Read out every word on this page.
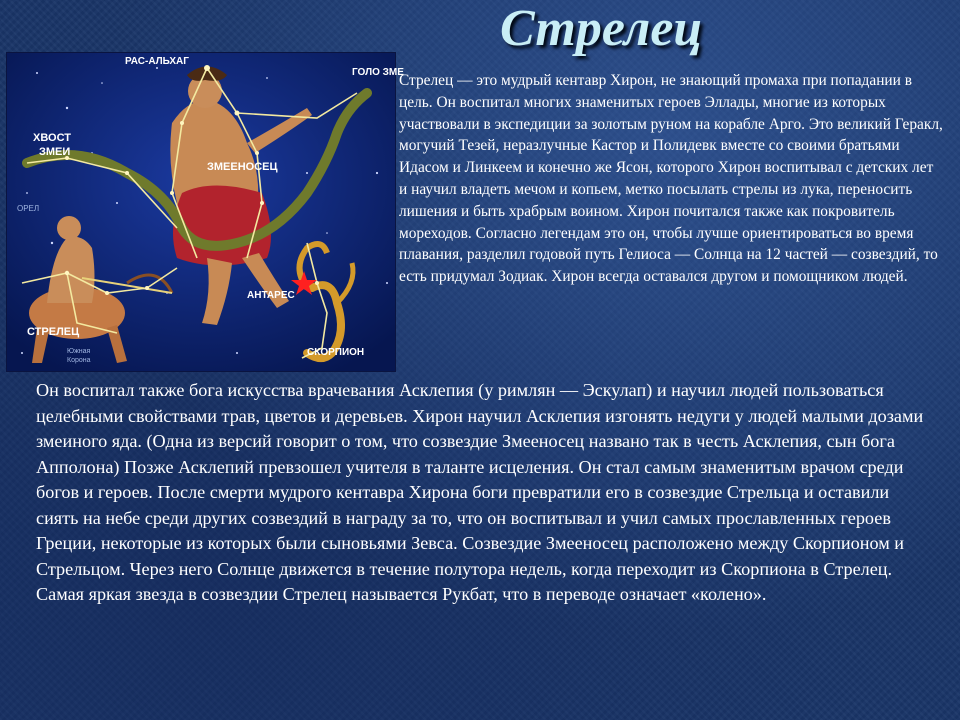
Стрелец
РАС-АЛЬХАГ
ГОЛО ЗМЕ
ХВОСТ
ЗМЕИ
ОРЕЛ
ЗМЕЕНОСЕЦ
АНТАРЕС
СТРЕЛЕЦ
СКОРПИОН
Южная
Корона

Стрелец — это мудрый кентавр Хирон, не знающий промаха при попадании в цель. Он воспитал многих знаменитых героев Эллады, многие из которых участвовали в экспедиции за золотым руном на корабле Арго. Это великий Геракл, могучий Тезей, неразлучные Кастор и Полидевк вместе со своими братьями Идасом и Линкеем и конечно же Ясон, которого Хирон воспитывал с детских лет и научил владеть мечом и копьем, метко посылать стрелы из лука, переносить лишения и быть храбрым воином. Хирон почитался также как покровитель мореходов. Согласно легендам это он, чтобы лучше ориентироваться во время плавания, разделил годовой путь Гелиоса — Солнца на 12 частей — созвездий, то есть придумал Зодиак. Хирон всегда оставался другом и помощником людей.

Он воспитал также бога искусства врачевания Асклепия (у римлян — Эскулап) и научил людей пользоваться целебными свойствами трав, цветов и деревьев. Хирон научил Асклепия изгонять недуги у людей малыми дозами змеиного яда. (Одна из версий говорит о том, что созвездие Змееносец названо так в честь Асклепия, сын бога Апполона) Позже Асклепий превзошел учителя в таланте исцеления. Он стал самым знаменитым врачом среди богов и героев. После смерти мудрого кентавра Хирона боги превратили его в созвездие Стрельца и оставили сиять на небе среди других созвездий в награду за то, что он воспитывал и учил самых прославленных героев Греции, некоторые из которых были сыновьями Зевса. Созвездие Змееносец расположено между Скорпионом и Стрельцом. Через него Солнце движется в течение полутора недель, когда переходит из Скорпиона в Стрелец. Самая яркая звезда в созвездии Стрелец называется Рукбат, что в переводе означает «колено».
